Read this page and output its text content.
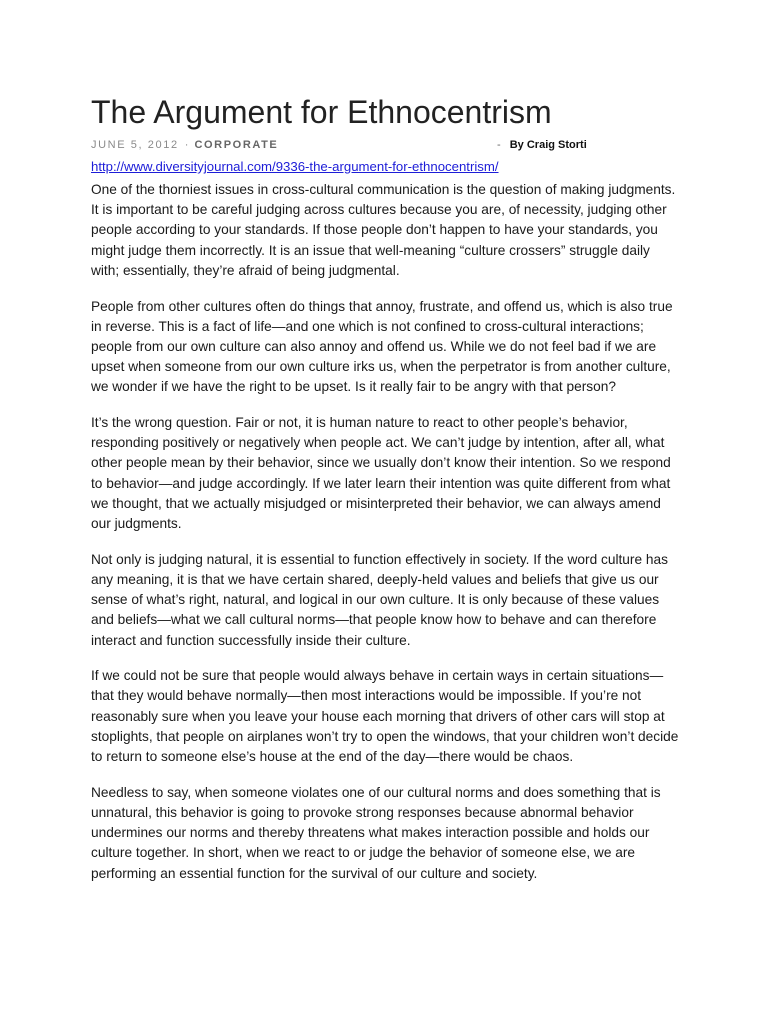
The Argument for Ethnocentrism
JUNE 5, 2012 · CORPORATE	- By Craig Storti
http://www.diversityjournal.com/9336-the-argument-for-ethnocentrism/

One of the thorniest issues in cross-cultural communication is the question of making judgments. It is important to be careful judging across cultures because you are, of necessity, judging other people according to your standards. If those people don’t happen to have your standards, you might judge them incorrectly. It is an issue that well-meaning “culture crossers” struggle daily with; essentially, they’re afraid of being judgmental.

People from other cultures often do things that annoy, frustrate, and offend us, which is also true in reverse. This is a fact of life—and one which is not confined to cross-cultural interactions; people from our own culture can also annoy and offend us. While we do not feel bad if we are upset when someone from our own culture irks us, when the perpetrator is from another culture, we wonder if we have the right to be upset. Is it really fair to be angry with that person?

It’s the wrong question. Fair or not, it is human nature to react to other people’s behavior, responding positively or negatively when people act. We can’t judge by intention, after all, what other people mean by their behavior, since we usually don’t know their intention. So we respond to behavior—and judge accordingly. If we later learn their intention was quite different from what we thought, that we actually misjudged or misinterpreted their behavior, we can always amend our judgments.

Not only is judging natural, it is essential to function effectively in society. If the word culture has any meaning, it is that we have certain shared, deeply-held values and beliefs that give us our sense of what’s right, natural, and logical in our own culture. It is only because of these values and beliefs—what we call cultural norms—that people know how to behave and can therefore interact and function successfully inside their culture.

If we could not be sure that people would always behave in certain ways in certain situations—that they would behave normally—then most interactions would be impossible. If you’re not reasonably sure when you leave your house each morning that drivers of other cars will stop at stoplights, that people on airplanes won’t try to open the windows, that your children won’t decide to return to someone else’s house at the end of the day—there would be chaos.

Needless to say, when someone violates one of our cultural norms and does something that is unnatural, this behavior is going to provoke strong responses because abnormal behavior undermines our norms and thereby threatens what makes interaction possible and holds our culture together. In short, when we react to or judge the behavior of someone else, we are performing an essential function for the survival of our culture and society.
